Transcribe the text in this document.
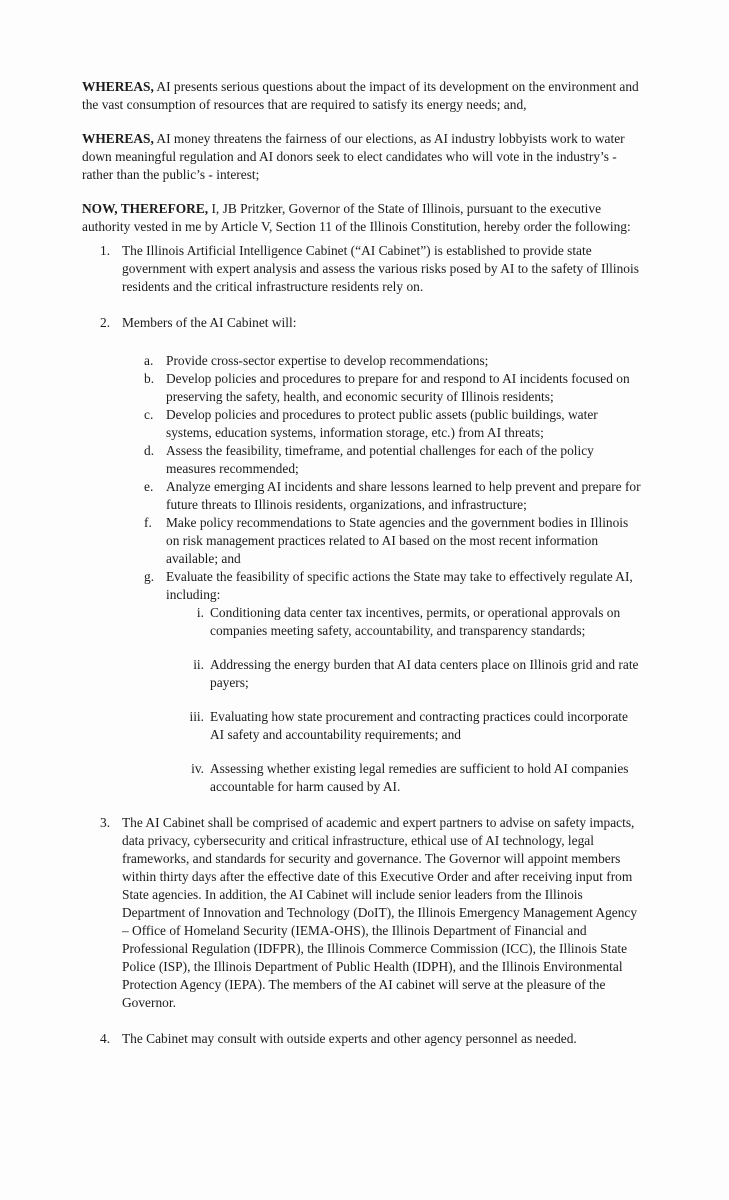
WHEREAS, AI presents serious questions about the impact of its development on the environment and the vast consumption of resources that are required to satisfy its energy needs; and,

WHEREAS, AI money threatens the fairness of our elections, as AI industry lobbyists work to water down meaningful regulation and AI donors seek to elect candidates who will vote in the industry’s - rather than the public’s - interest;

NOW, THEREFORE, I, JB Pritzker, Governor of the State of Illinois, pursuant to the executive authority vested in me by Article V, Section 11 of the Illinois Constitution, hereby order the following:

1. The Illinois Artificial Intelligence Cabinet (“AI Cabinet”) is established to provide state government with expert analysis and assess the various risks posed by AI to the safety of Illinois residents and the critical infrastructure residents rely on.
2. Members of the AI Cabinet will:
a. Provide cross-sector expertise to develop recommendations;
b. Develop policies and procedures to prepare for and respond to AI incidents focused on preserving the safety, health, and economic security of Illinois residents;
c. Develop policies and procedures to protect public assets (public buildings, water systems, education systems, information storage, etc.) from AI threats;
d. Assess the feasibility, timeframe, and potential challenges for each of the policy measures recommended;
e. Analyze emerging AI incidents and share lessons learned to help prevent and prepare for future threats to Illinois residents, organizations, and infrastructure;
f. Make policy recommendations to State agencies and the government bodies in Illinois on risk management practices related to AI based on the most recent information available; and
g. Evaluate the feasibility of specific actions the State may take to effectively regulate AI, including:
i. Conditioning data center tax incentives, permits, or operational approvals on companies meeting safety, accountability, and transparency standards;
ii. Addressing the energy burden that AI data centers place on Illinois grid and rate payers;
iii. Evaluating how state procurement and contracting practices could incorporate AI safety and accountability requirements; and
iv. Assessing whether existing legal remedies are sufficient to hold AI companies accountable for harm caused by AI.
3. The AI Cabinet shall be comprised of academic and expert partners to advise on safety impacts, data privacy, cybersecurity and critical infrastructure, ethical use of AI technology, legal frameworks, and standards for security and governance. The Governor will appoint members within thirty days after the effective date of this Executive Order and after receiving input from State agencies. In addition, the AI Cabinet will include senior leaders from the Illinois Department of Innovation and Technology (DoIT), the Illinois Emergency Management Agency – Office of Homeland Security (IEMA-OHS), the Illinois Department of Financial and Professional Regulation (IDFPR), the Illinois Commerce Commission (ICC), the Illinois State Police (ISP), the Illinois Department of Public Health (IDPH), and the Illinois Environmental Protection Agency (IEPA). The members of the AI cabinet will serve at the pleasure of the Governor.
4. The Cabinet may consult with outside experts and other agency personnel as needed.
